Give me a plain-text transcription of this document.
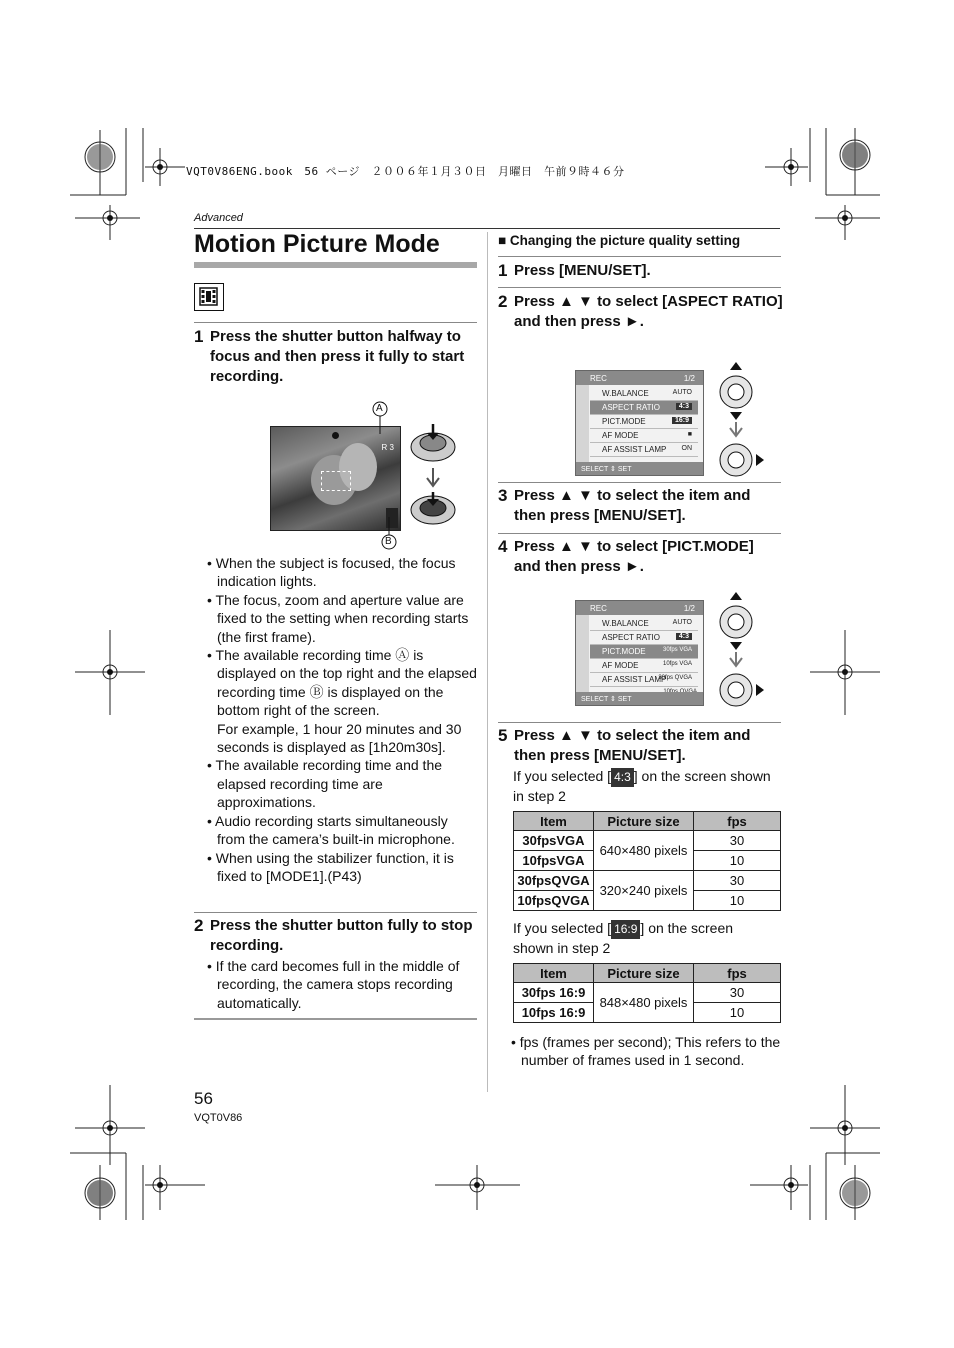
VQT0V86ENG.book　56 ページ　２００６年１月３０日　月曜日　午前９時４６分
Advanced
Motion Picture Mode
1 Press the shutter button halfway to focus and then press it fully to start recording.
R 3
A
B
• When the subject is focused, the focus indication lights.
• The focus, zoom and aperture value are fixed to the setting when recording starts (the first frame).
• The available recording time Ⓐ is displayed on the top right and the elapsed recording time Ⓑ is displayed on the bottom right of the screen.
For example, 1 hour 20 minutes and 30 seconds is displayed as [1h20m30s].
• The available recording time and the elapsed recording time are approximations.
• Audio recording starts simultaneously from the camera’s built-in microphone.
• When using the stabilizer function, it is fixed to [MODE1].(P43)
2 Press the shutter button fully to stop recording.
• If the card becomes full in the middle of recording, the camera stops recording automatically.
■ Changing the picture quality setting
1 Press [MENU/SET].
2 Press ▲ ▼ to select [ASPECT RATIO] and then press ►.
REC	1/2
W.BALANCE	AUTO
ASPECT RATIO	4:3
PICT.MODE	16:9
AF MODE	■
AF ASSIST LAMP ON
SELECT ⇕ SET
3 Press ▲ ▼ to select the item and then press [MENU/SET].
4 Press ▲ ▼ to select [PICT.MODE] and then press ►.
REC	1/2
W.BALANCE	AUTO
ASPECT RATIO	4:3
PICT.MODE	30fps VGA
AF MODE	10fps VGA
AF ASSIST LAMP
30fps QVGA
SELECT ⇕ SET
5 Press ▲ ▼ to select the item and then press [MENU/SET].
If you selected [ 4:3 ] on the screen shown in step 2
Item	Picture size	fps
30fpsVGA	640×480 pixels	30
10fpsVGA		10
30fpsQVGA	320×240 pixels	30
10fpsQVGA		10
If you selected [ 16:9 ] on the screen shown in step 2
Item	Picture size	fps
30fps 16:9	848×480 pixels	30
10fps 16:9		10
• fps (frames per second); This refers to the number of frames used in 1 second.
56
VQT0V86
